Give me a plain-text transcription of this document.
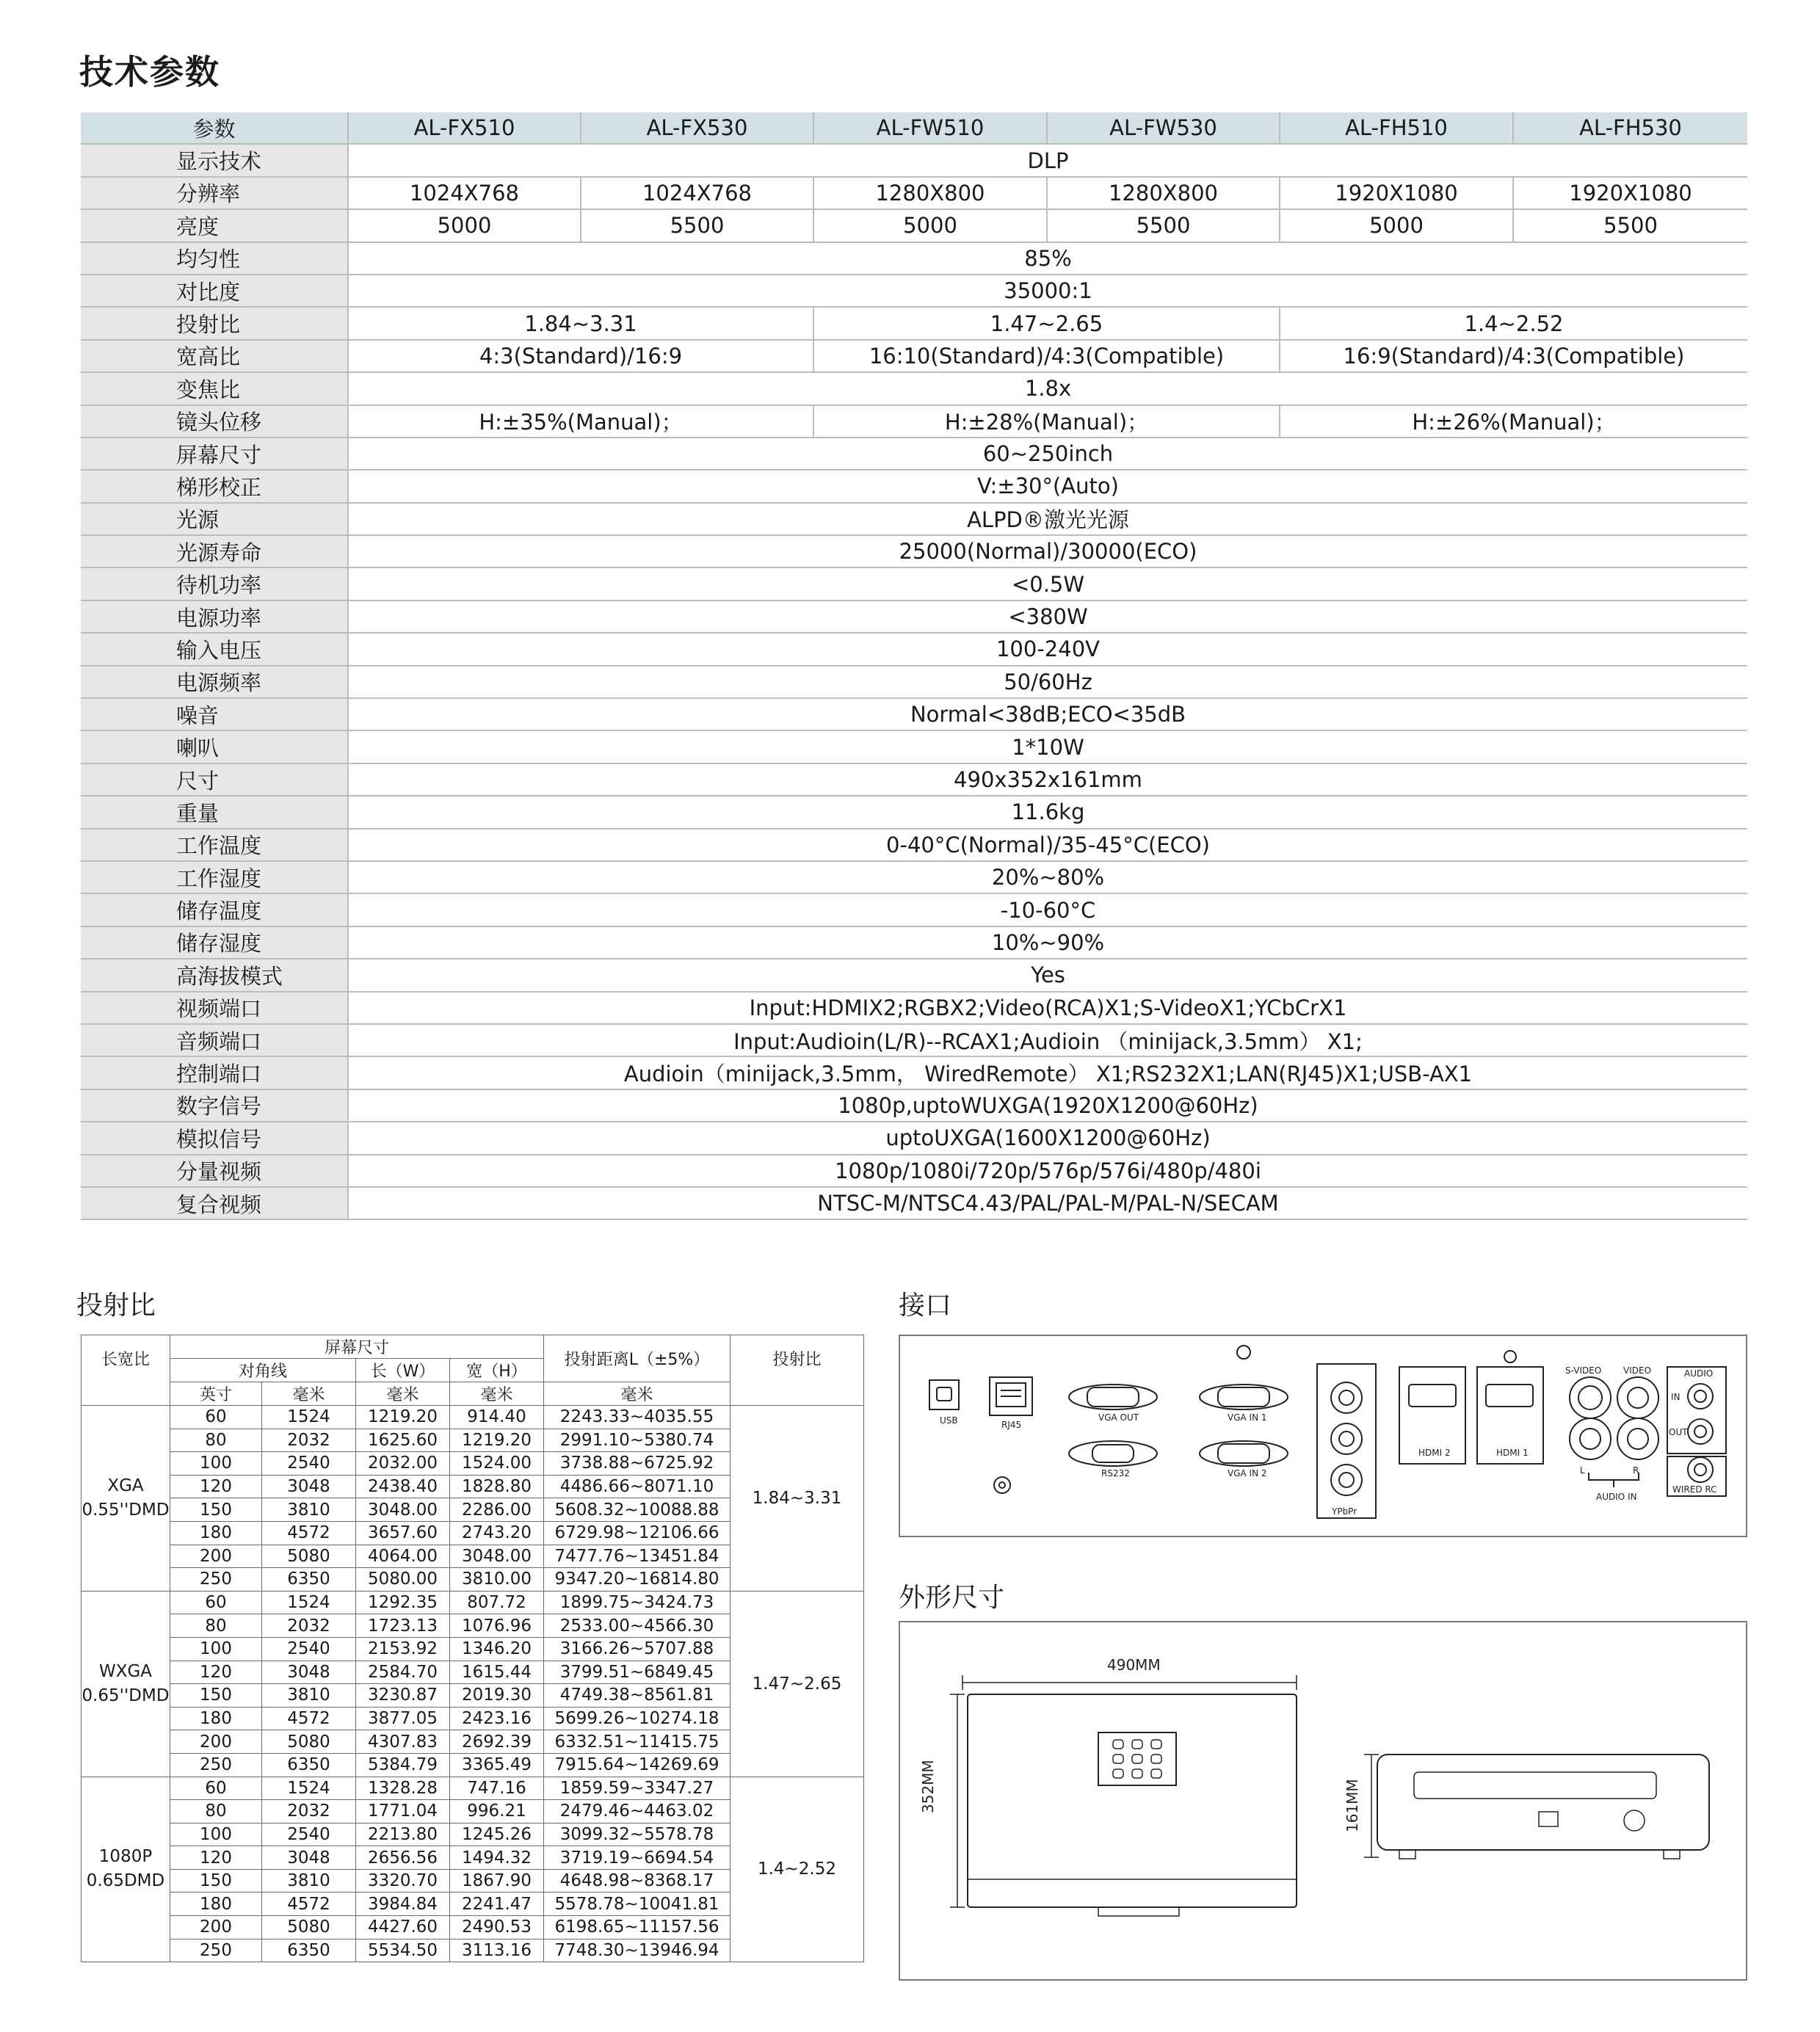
技术参数
参数	AL-FX510	AL-FX530	AL-FW510	AL-FW530	AL-FH510	AL-FH530
显示技术	DLP					
分辨率	1024X768	1024X768	1280X800	1280X800	1920X1080	1920X1080
亮度	5000	5500	5000	5500	5000	5500
均匀性	85%					
对比度	35000:1					
投射比	1.84~3.31		1.47~2.65		1.4~2.52	
宽高比	4:3(Standard)/16:9		16:10(Standard)/4:3(Compatible)		16:9(Standard)/4:3(Compatible)	
变焦比	1.8x					
镜头位移	H:±35%(Manual)；		H:±28%(Manual)；		H:±26%(Manual)；	
屏幕尺寸	60~250inch					
梯形校正	V:±30°(Auto)					
光源	ALPD®激光光源					
光源寿命	25000(Normal)/30000(ECO)					
待机功率	<0.5W					
电源功率	<380W					
输入电压	100-240V					
电源频率	50/60Hz					
噪音	Normal<38dB;ECO<35dB					
喇叭	1*10W					
尺寸	490x352x161mm					
重量	11.6kg					
工作温度	0-40°C(Normal)/35-45°C(ECO)					
工作湿度	20%~80%					
储存温度	-10-60°C					
储存湿度	10%~90%					
高海拔模式	Yes					
视频端口	Input:HDMIX2;RGBX2;Video(RCA)X1;S-VideoX1;YCbCrX1					
音频端口	Input:Audioin(L/R)--RCAX1;Audioin （minijack,3.5mm） X1;					
控制端口	Audioin（minijack,3.5mm， WiredRemote） X1;RS232X1;LAN(RJ45)X1;USB-AX1					
数字信号	1080p,uptoWUXGA(1920X1200@60Hz)					
模拟信号	uptoUXGA(1600X1200@60Hz)					
分量视频	1080p/1080i/720p/576p/576i/480p/480i					
复合视频	NTSC-M/NTSC4.43/PAL/PAL-M/PAL-N/SECAM					
投射比
长宽比	屏幕尺寸				投射距离L（±5%）	投射比
	对角线		长（W）	宽（H）		
	英寸	毫米	毫米	毫米	毫米	
XGA 0.55''DMD	60	1524	1219.20	914.40	2243.33~4035.55	1.84~3.31
	80	2032	1625.60	1219.20	2991.10~5380.74	
	100	2540	2032.00	1524.00	3738.88~6725.92	
	120	3048	2438.40	1828.80	4486.66~8071.10	
	150	3810	3048.00	2286.00	5608.32~10088.88	
	180	4572	3657.60	2743.20	6729.98~12106.66	
	200	5080	4064.00	3048.00	7477.76~13451.84	
	250	6350	5080.00	3810.00	9347.20~16814.80	
WXGA 0.65''DMD	60	1524	1292.35	807.72	1899.75~3424.73	1.47~2.65
	80	2032	1723.13	1076.96	2533.00~4566.30	
	100	2540	2153.92	1346.20	3166.26~5707.88	
	120	3048	2584.70	1615.44	3799.51~6849.45	
	150	3810	3230.87	2019.30	4749.38~8561.81	
	180	4572	3877.05	2423.16	5699.26~10274.18	
	200	5080	4307.83	2692.39	6332.51~11415.75	
	250	6350	5384.79	3365.49	7915.64~14269.69	
1080P 0.65DMD	60	1524	1328.28	747.16	1859.59~3347.27	1.4~2.52
	80	2032	1771.04	996.21	2479.46~4463.02	
	100	2540	2213.80	1245.26	3099.32~5578.78	
	120	3048	2656.56	1494.32	3719.19~6694.54	
	150	3810	3320.70	1867.90	4648.98~8368.17	
	180	4572	3984.84	2241.47	5578.78~10041.81	
	200	5080	4427.60	2490.53	6198.65~11157.56	
	250	6350	5534.50	3113.16	7748.30~13946.94	
接口
USB	RJ45
VGA OUT
RS232
VGA IN 1
VGA IN 2
YPbPr
HDMI 2	HDMI 1
S-VIDEO VIDEO
L	R
AUDIO IN
AUDIO
IN
OUT
WIRED RC
外形尺寸
490MM
352MM	161MM
